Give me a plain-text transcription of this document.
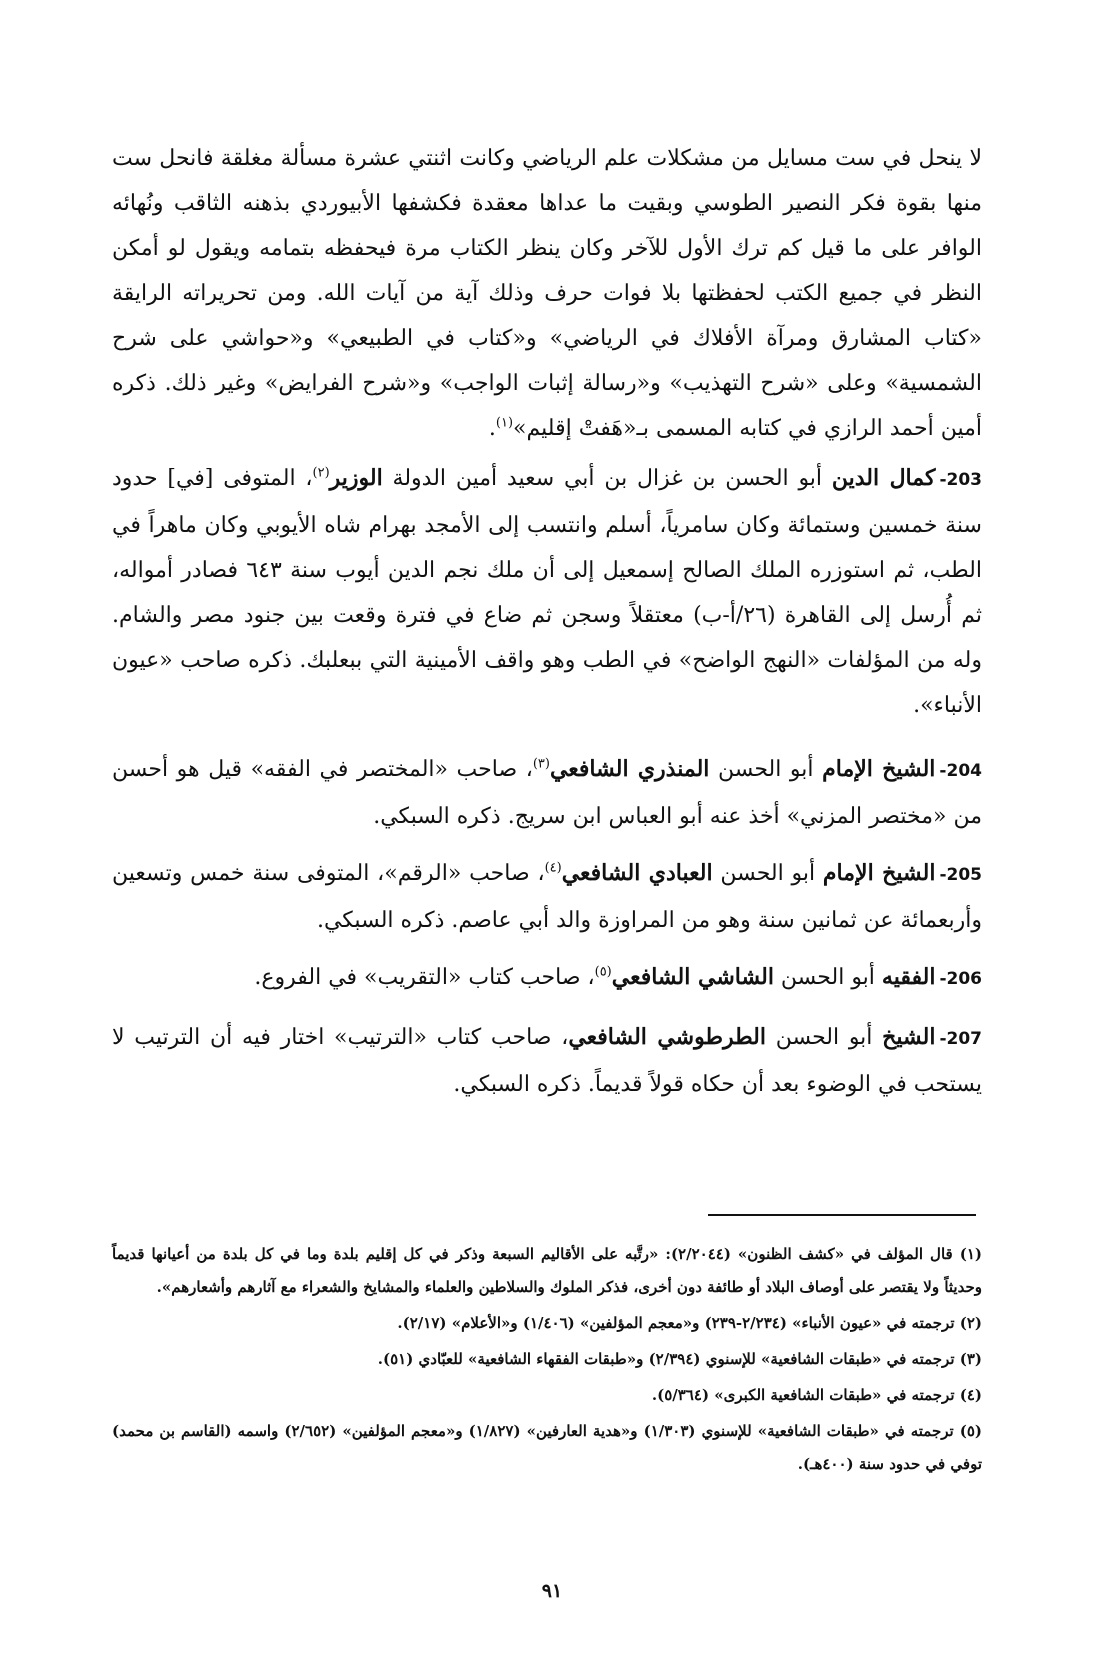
لا ينحل في ست مسايل من مشكلات علم الرياضي وكانت اثنتي عشرة مسألة مغلقة فانحل ست منها بقوة فكر النصير الطوسي وبقيت ما عداها معقدة فكشفها الأبيوردي بذهنه الثاقب ونُهائه الوافر على ما قيل كم ترك الأول للآخر وكان ينظر الكتاب مرة فيحفظه بتمامه ويقول لو أمكن النظر في جميع الكتب لحفظتها بلا فوات حرف وذلك آية من آيات الله. ومن تحريراته الرايقة «كتاب المشارق ومرآة الأفلاك في الرياضي» و«كتاب في الطبيعي» و«حواشي على شرح الشمسية» وعلى «شرح التهذيب» و«رسالة إثبات الواجب» و«شرح الفرايض» وغير ذلك. ذكره أمين أحمد الرازي في كتابه المسمى بـ«هَفتْ إقليم»$^{(١)}$.
203-كمال الدين أبو الحسن بن غزال بن أبي سعيد أمين الدولة الوزير$^{(٢)}$، المتوفى [في] حدود سنة خمسين وستمائة وكان سامرياً، أسلم وانتسب إلى الأمجد بهرام شاه الأيوبي وكان ماهراً في الطب، ثم استوزره الملك الصالح إسمعيل إلى أن ملك نجم الدين أيوب سنة ٦٤٣ فصادر أمواله، ثم أُرسل إلى القاهرة (٢٦/أ-ب) معتقلاً وسجن ثم ضاع في فترة وقعت بين جنود مصر والشام. وله من المؤلفات «النهج الواضح» في الطب وهو واقف الأمينية التي ببعلبك. ذكره صاحب «عيون الأنباء».
204-الشيخ الإمام أبو الحسن المنذري الشافعي$^{(٣)}$، صاحب «المختصر في الفقه» قيل هو أحسن من «مختصر المزني» أخذ عنه أبو العباس ابن سريج. ذكره السبكي.
205-الشيخ الإمام أبو الحسن العبادي الشافعي$^{(٤)}$، صاحب «الرقم»، المتوفى سنة خمس وتسعين وأربعمائة عن ثمانين سنة وهو من المراوزة والد أبي عاصم. ذكره السبكي.
206-الفقيه أبو الحسن الشاشي الشافعي$^{(٥)}$، صاحب كتاب «التقريب» في الفروع.
207-الشيخ أبو الحسن الطرطوشي الشافعي، صاحب كتاب «الترتيب» اختار فيه أن الترتيب لا يستحب في الوضوء بعد أن حكاه قولاً قديماً. ذكره السبكي.

(١) قال المؤلف في «كشف الظنون» (٢/٢٠٤٤): «رتَّبه على الأقاليم السبعة وذكر في كل إقليم بلدة وما في كل بلدة من أعيانها قديماً وحديثاً ولا يقتصر على أوصاف البلاد أو طائفة دون أخرى، فذكر الملوك والسلاطين والعلماء والمشايخ والشعراء مع آثارهم وأشعارهم».

(٢) ترجمته في «عيون الأنباء» (٢/٢٣٤-٢٣٩) و«معجم المؤلفين» (١/٤٠٦) و«الأعلام» (٢/١٧).

(٣) ترجمته في «طبقات الشافعية» للإسنوي (٢/٣٩٤) و«طبقات الفقهاء الشافعية» للعبّادي (٥١).

(٤) ترجمته في «طبقات الشافعية الكبرى» (٥/٣٦٤).

(٥) ترجمته في «طبقات الشافعية» للإسنوي (١/٣٠٣) و«هدية العارفين» (١/٨٢٧) و«معجم المؤلفين» (٢/٦٥٢) واسمه (القاسم بن محمد) توفي في حدود سنة (٤٠٠هـ).

٩١
